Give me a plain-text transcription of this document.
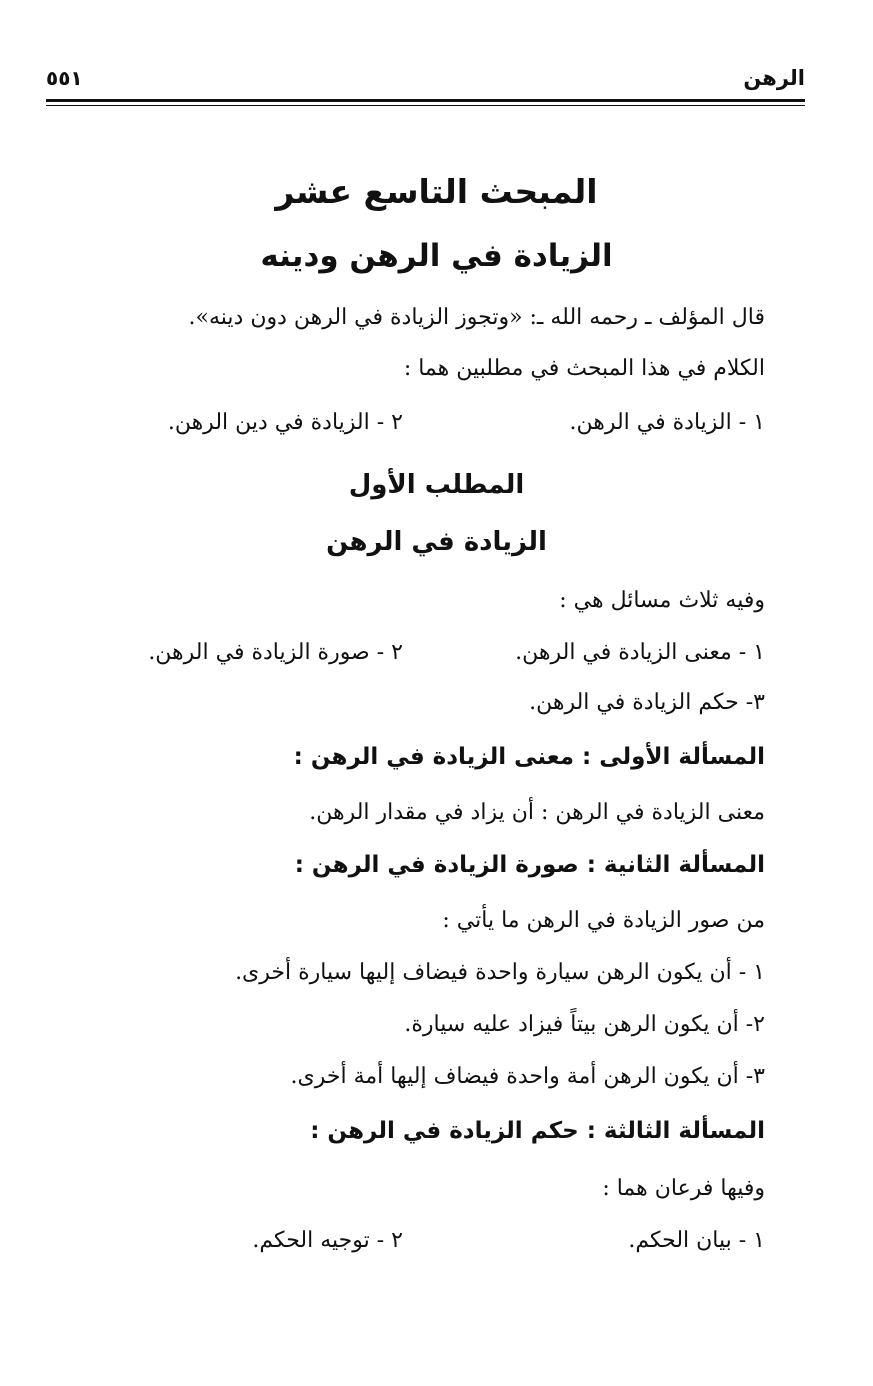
الرهن
٥٥١
المبحث التاسع عشر
الزيادة في الرهن ودينه
قال المؤلف ـ رحمه الله ـ: «وتجوز الزيادة في الرهن دون دينه».
الكلام في هذا المبحث في مطلبين هما :
١ - الزيادة في الرهن.
٢ - الزيادة في دين الرهن.
المطلب الأول
الزيادة في الرهن
وفيه ثلاث مسائل هي :
١ - معنى الزيادة في الرهن.
٢ - صورة الزيادة في الرهن.
٣- حكم الزيادة في الرهن.
المسألة الأولى : معنى الزيادة في الرهن :
معنى الزيادة في الرهن : أن يزاد في مقدار الرهن.
المسألة الثانية : صورة الزيادة في الرهن :
من صور الزيادة في الرهن ما يأتي :
١ - أن يكون الرهن سيارة واحدة فيضاف إليها سيارة أخرى.
٢- أن يكون الرهن بيتاً فيزاد عليه سيارة.
٣- أن يكون الرهن أمة واحدة فيضاف إليها أمة أخرى.
المسألة الثالثة : حكم الزيادة في الرهن :
وفيها فرعان هما :
١ - بيان الحكم.
٢ - توجيه الحكم.
